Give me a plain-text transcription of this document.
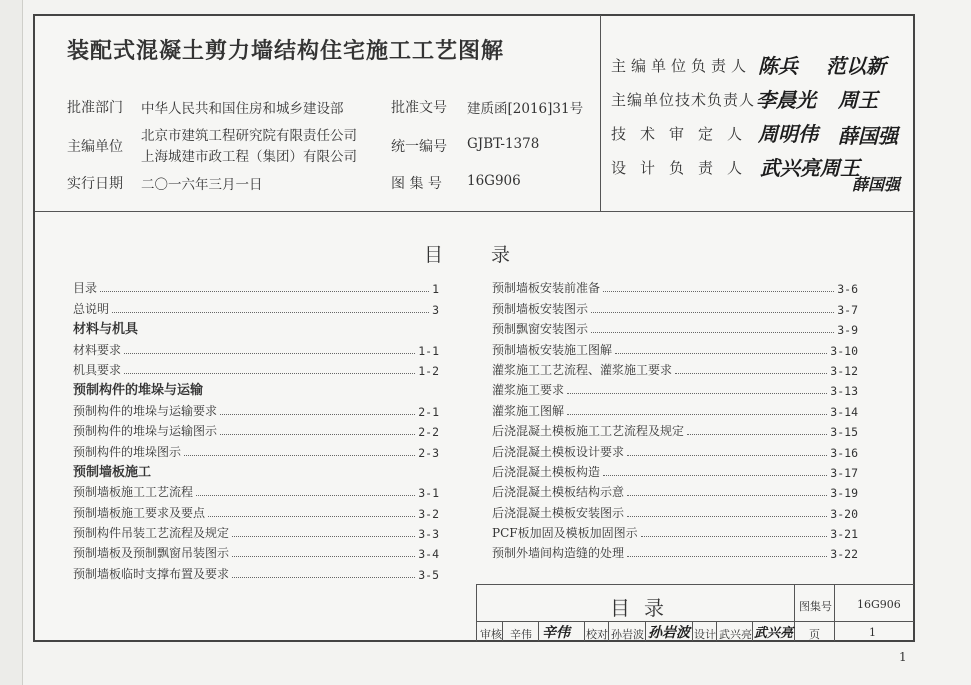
装配式混凝土剪力墙结构住宅施工工艺图解
批准部门 中华人民共和国住房和城乡建设部
主编单位
北京市建筑工程研究院有限责任公司
上海城建市政工程（集团）有限公司
实行日期 二〇一六年三月一日
批准文号 建质函[2016]31号
统一编号 GJBT-1378
图 集 号 16G906
主编单位负责人 陈兵 范以新
主编单位技术负责人 李晨光 周王
技术审定人 周明伟 薛国强
设计负责人 武兴亮 周王
薛国强
目录
目录	1
总说明	3
材料与机具
材料要求	1-1
机具要求	1-2
预制构件的堆垛与运输
预制构件的堆垛与运输要求	2-1
预制构件的堆垛与运输图示	2-2
预制构件的堆垛图示	2-3
预制墙板施工
预制墙板施工工艺流程	3-1
预制墙板施工要求及要点	3-2
预制构件吊装工艺流程及规定	3-3
预制墙板及预制飘窗吊装图示	3-4
预制墙板临时支撑布置及要求	3-5
预制墙板安装前准备	3-6
预制墙板安装图示	3-7
预制飘窗安装图示	3-9
预制墙板安装施工图解	3-10
灌浆施工工艺流程、灌浆施工要求	3-12
灌浆施工要求	3-13
灌浆施工图解	3-14
后浇混凝土模板施工工艺流程及规定	3-15
后浇混凝土模板设计要求	3-16
后浇混凝土模板构造	3-17
后浇混凝土模板结构示意	3-19
后浇混凝土模板安装图示	3-20
PCF板加固及模板加固图示	3-21
预制外墙间构造缝的处理	3-22
目录	图集号 16G906
审核 辛伟 辛伟 校对 孙岩波 孙岩波 设计 武兴亮 武兴亮 页	1
1
